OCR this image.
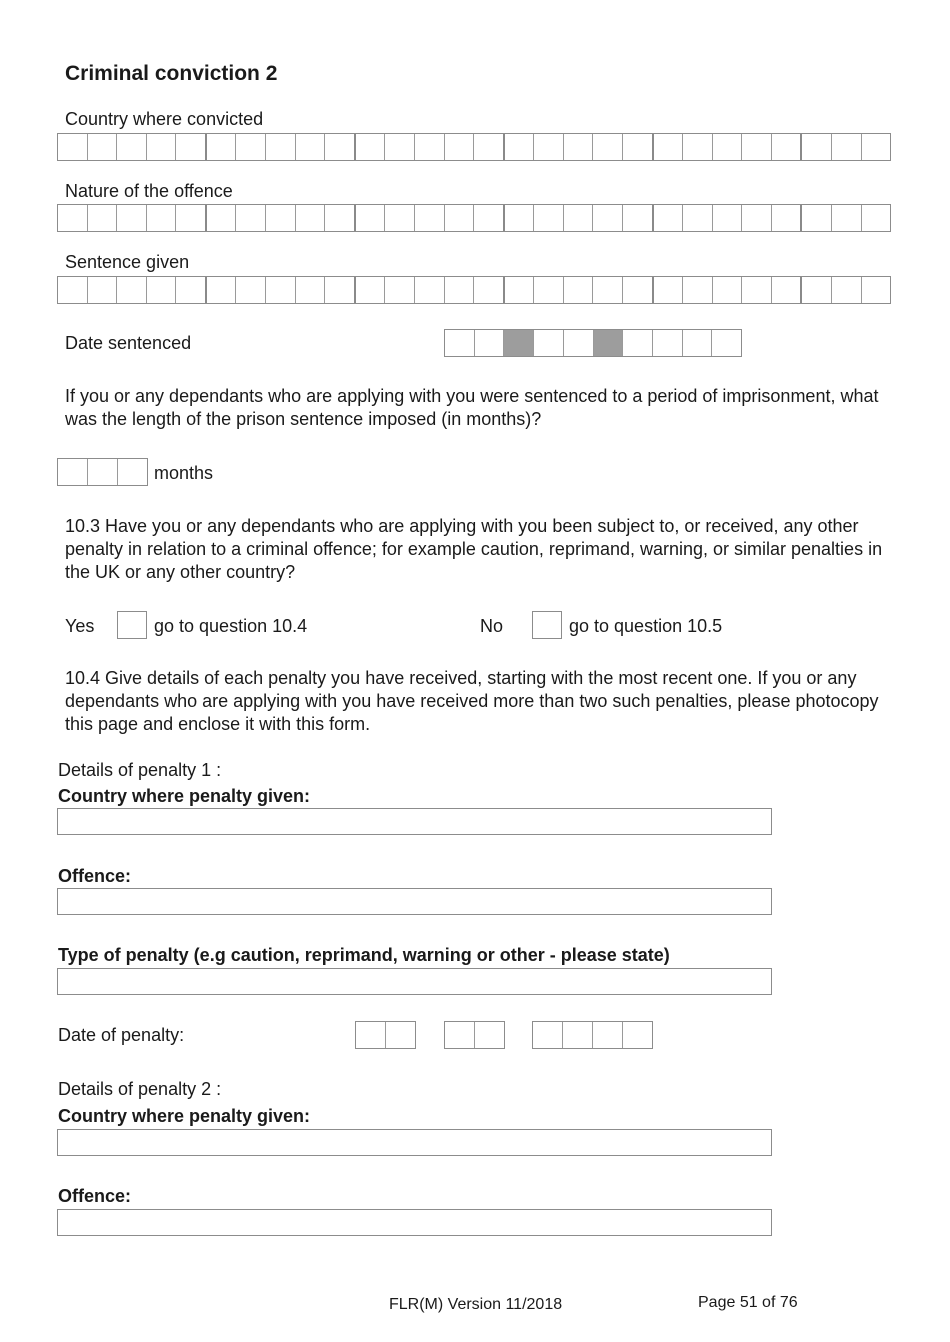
Criminal conviction 2
Country where convicted
Nature of the offence
Sentence given
Date sentenced
If you or any dependants who are applying with you were sentenced to a period of imprisonment, what was the length of the prison sentence imposed (in months)?
months
10.3 Have you or any dependants who are applying with you been subject to, or received, any other penalty in relation to a criminal offence; for example caution, reprimand, warning, or similar penalties in the UK or any other country?
Yes	go to question 10.4	No	go to question 10.5
10.4 Give details of each penalty you have received, starting with the most recent one. If you or any dependants who are applying with you have received more than two such penalties, please photocopy this page and enclose it with this form.
Details of penalty 1 :
Country where penalty given:
Offence:
Type of penalty (e.g caution, reprimand, warning or other - please state)
Date of penalty:
Details of penalty 2 :
Country where penalty given:
Offence:
FLR(M) Version 11/2018	Page 51 of 76
